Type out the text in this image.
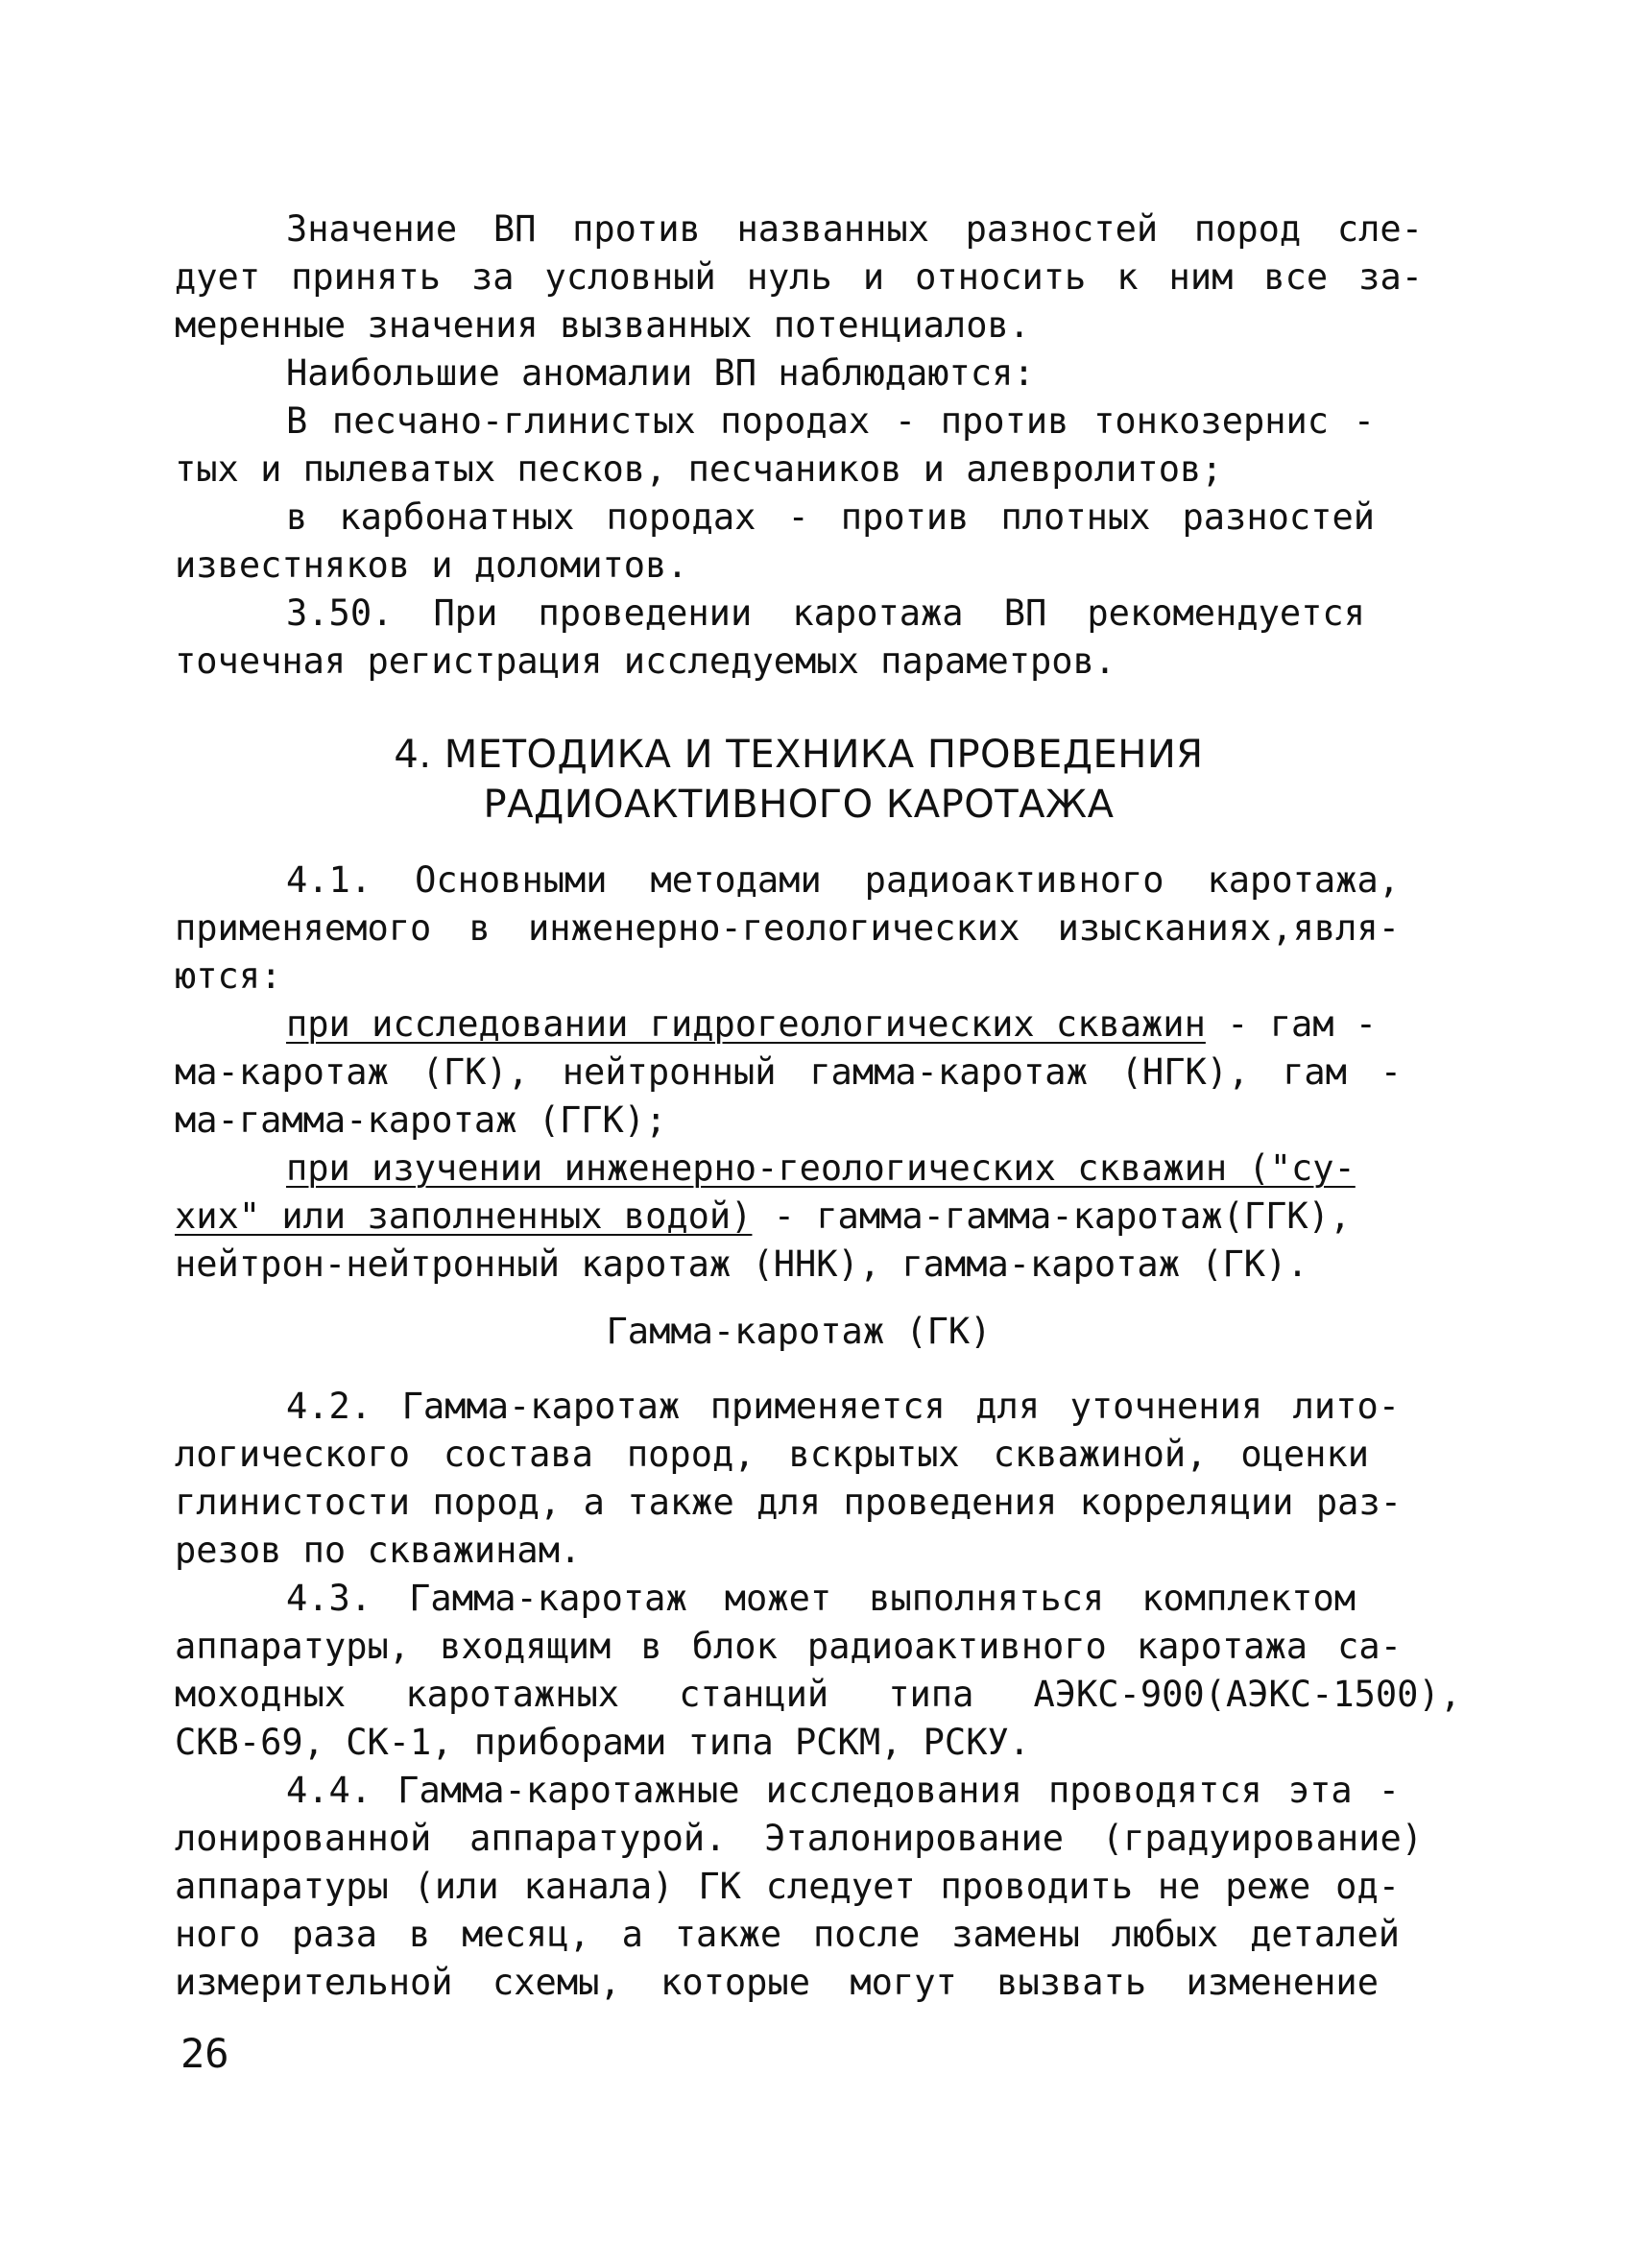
Значение ВП против названных разностей пород сле-
дует принять за условный нуль и относить к ним все за-
меренные значения вызванных потенциалов.
Наибольшие аномалии ВП наблюдаются:
В песчано-глинистых породах - против тонкозернис -
тых и пылеватых песков, песчаников и алевролитов;
в карбонатных породах - против плотных разностей
известняков и доломитов.
3.50. При проведении каротажа ВП рекомендуется
точечная регистрация исследуемых параметров.
4. МЕТОДИКА И ТЕХНИКА ПРОВЕДЕНИЯ
РАДИОАКТИВНОГО КАРОТАЖА
4.1. Основными методами радиоактивного каротажа,
применяемого в инженерно-геологических изысканиях,явля-
ются:
при исследовании гидрогеологических скважин - гам -
ма-каротаж (ГК), нейтронный гамма-каротаж (НГК), гам -
ма-гамма-каротаж (ГГК);
при изучении инженерно-геологических скважин ("су-
хих" или заполненных водой) - гамма-гамма-каротаж(ГГК),
нейтрон-нейтронный каротаж (ННК), гамма-каротаж (ГК).
Гамма-каротаж (ГК)
4.2. Гамма-каротаж применяется для уточнения лито-
логического состава пород, вскрытых скважиной, оценки
глинистости пород, а также для проведения корреляции раз-
резов по скважинам.
4.3. Гамма-каротаж может выполняться комплектом
аппаратуры, входящим в блок радиоактивного каротажа са-
моходных каротажных станций типа АЭКС-900(АЭКС-1500),
СКВ-69, СК-1, приборами типа РСКМ, РСКУ.
4.4. Гамма-каротажные исследования проводятся эта -
лонированной аппаратурой. Эталонирование (градуирование)
аппаратуры (или канала) ГК следует проводить не реже од-
ного раза в месяц, а также после замены любых деталей
измерительной схемы, которые могут вызвать изменение
26
